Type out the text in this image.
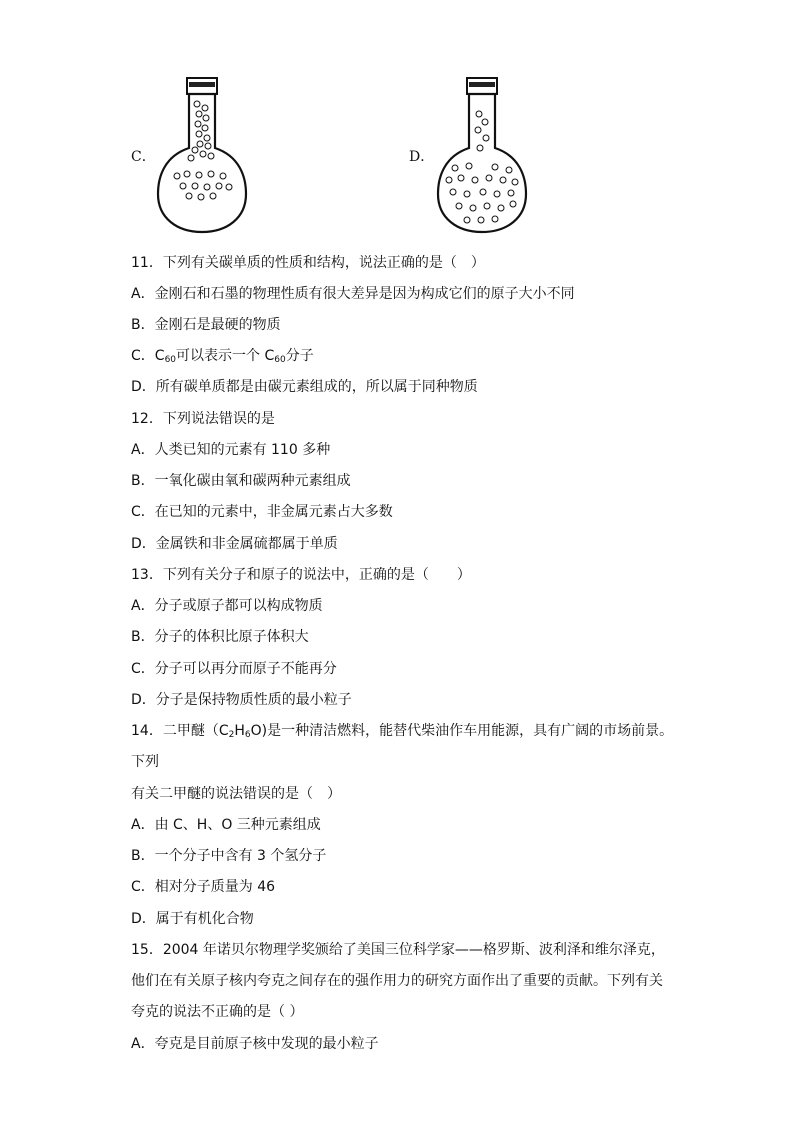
C．	D．
11．下列有关碳单质的性质和结构，说法正确的是（　）
A．金刚石和石墨的物理性质有很大差异是因为构成它们的原子大小不同
B．金刚石是最硬的物质
C．$C_{60}$可以表示一个 $C_{60}$分子
D．所有碳单质都是由碳元素组成的，所以属于同种物质
12．下列说法错误的是
A．人类已知的元素有 110 多种
B．一氧化碳由氧和碳两种元素组成
C．在已知的元素中，非金属元素占大多数
D．金属铁和非金属硫都属于单质
13．下列有关分子和原子的说法中，正确的是（　　）
A．分子或原子都可以构成物质
B．分子的体积比原子体积大
C．分子可以再分而原子不能再分
D．分子是保持物质性质的最小粒子
14．二甲醚$(C_2H_6O)$是一种清洁燃料，能替代柴油作车用能源，具有广阔的市场前景。
下列
有关二甲醚的说法错误的是（　）
A．由 C、H、O 三种元素组成
B．一个分子中含有 3 个氢分子
C．相对分子质量为 46
D．属于有机化合物
15．2004 年诺贝尔物理学奖颁给了美国三位科学家——格罗斯、波利泽和维尔泽克，
他们在有关原子核内夸克之间存在的强作用力的研究方面作出了重要的贡献。下列有关
夸克的说法不正确的是（ ）
A．夸克是目前原子核中发现的最小粒子
